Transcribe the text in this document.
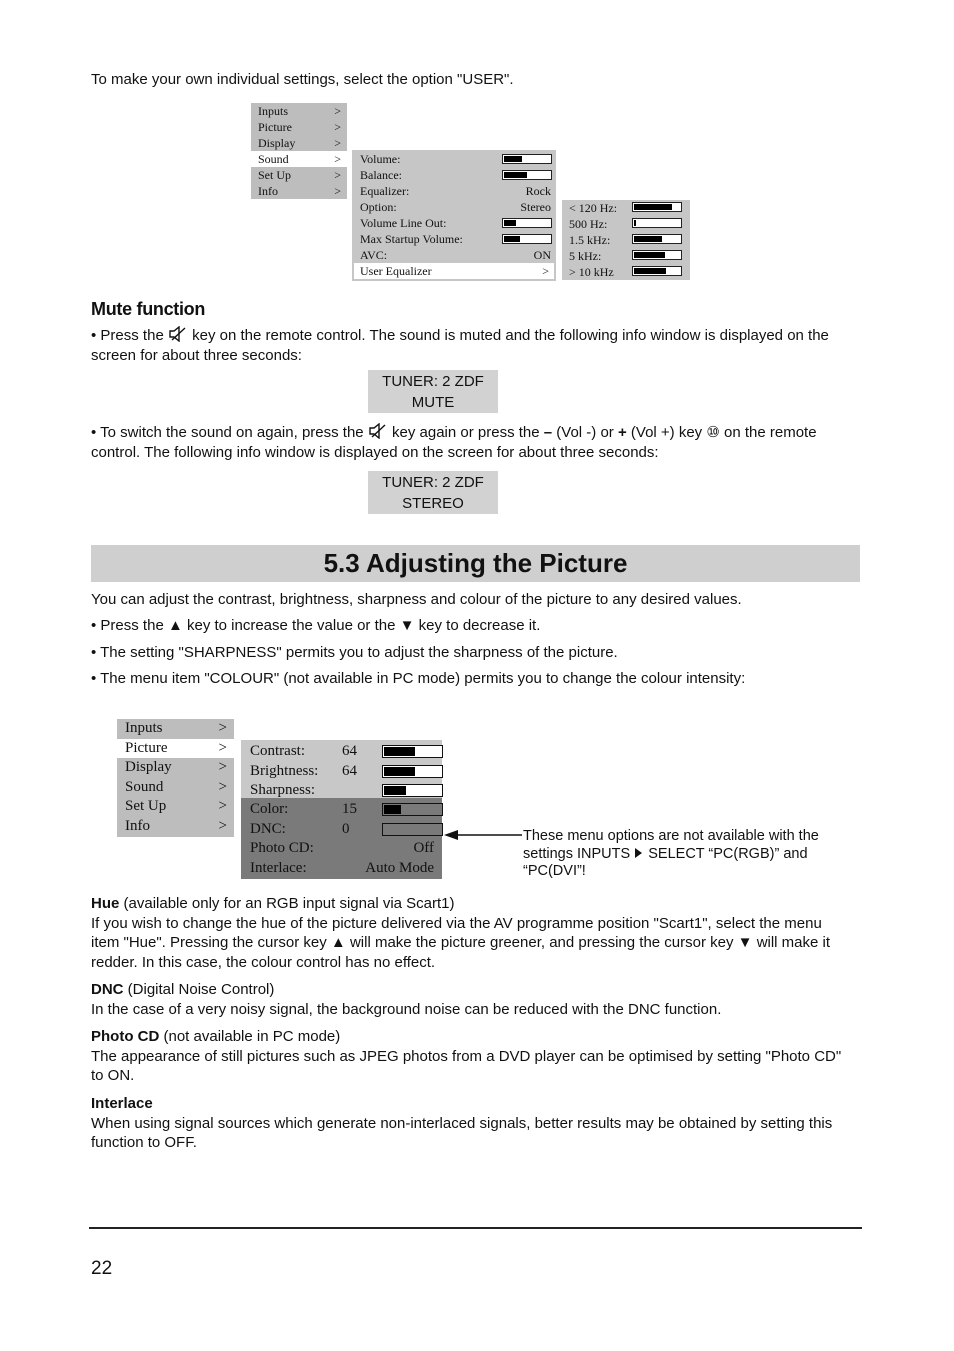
To make your own individual settings, select the option "USER".
Inputs	>
Picture	>
Display	>
Sound	>
Set Up	>
Info	>
Volume:
Balance:
Equalizer:	Rock
Option:	Stereo
Volume Line Out:
Max Startup Volume:
AVC:	ON
User Equalizer	>
< 120 Hz:
500 Hz:
1.5 kHz:
5 kHz:
> 10 kHz
Mute function
• Press the key on the remote control. The sound is muted and the following info window is displayed on the screen for about three seconds:
TUNER: 2 ZDF
MUTE
• To switch the sound on again, press the key again or press the – (Vol -) or + (Vol +) key ⑩ on the remote control. The following info window is displayed on the screen for about three seconds:
TUNER: 2 ZDF
STEREO
5.3 Adjusting the Picture
You can adjust the contrast, brightness, sharpness and colour of the picture to any desired values.
• Press the ▲ key to increase the value or the ▼ key to decrease it.
• The setting "SHARPNESS" permits you to adjust the sharpness of the picture.
• The menu item "COLOUR" (not available in PC mode) permits you to change the colour intensity:
Inputs	>
Picture	>
Display	>
Sound	>
Set Up	>
Info	>
Contrast: 64
Brightness: 64
Sharpness:
Color:	15
DNC:	0
Photo CD:	Off
Interlace:	Auto Mode
These menu options are not available with the settings INPUTS SELECT “PC(RGB)” and “PC(DVI”!
Hue (available only for an RGB input signal via Scart1)
If you wish to change the hue of the picture delivered via the AV programme position "Scart1", select the menu item "Hue". Pressing the cursor key ▲ will make the picture greener, and pressing the cursor key ▼ will make it redder. In this case, the colour control has no effect.
DNC (Digital Noise Control)
In the case of a very noisy signal, the background noise can be reduced with the DNC function.
Photo CD (not available in PC mode)
The appearance of still pictures such as JPEG photos from a DVD player can be optimised by setting "Photo CD" to ON.
Interlace
When using signal sources which generate non-interlaced signals, better results may be obtained by setting this function to OFF.
22
